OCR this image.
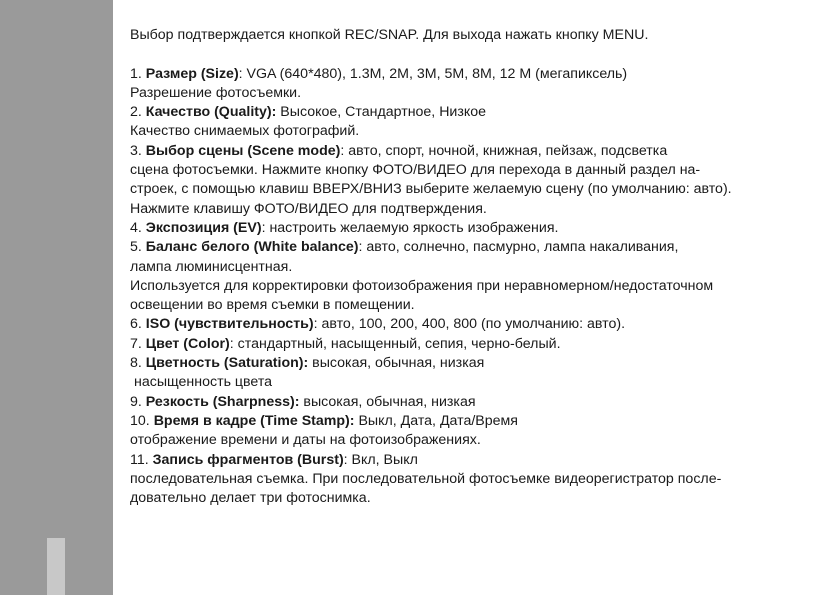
Выбор подтверждается кнопкой REC/SNAP. Для выхода нажать кнопку MENU.
1. Размер (Size): VGA (640*480), 1.3M, 2M, 3M, 5M, 8M, 12 M (мегапиксель)
Разрешение фотосъемки.
2. Качество (Quality): Высокое, Стандартное, Низкое
Качество снимаемых фотографий.
3. Выбор сцены (Scene mode): авто, спорт, ночной, книжная, пейзаж, подсветка
сцена фотосъемки. Нажмите кнопку ФОТО/ВИДЕО для перехода в данный раздел на-
строек, с помощью клавиш ВВЕРХ/ВНИЗ выберите желаемую сцену (по умолчанию: авто).
Нажмите клавишу ФОТО/ВИДЕО для подтверждения.
4. Экспозиция (EV): настроить желаемую яркость изображения.
5. Баланс белого (White balance): авто, солнечно, пасмурно, лампа накаливания,
лампа люминисцентная.
Используется для корректировки фотоизображения при неравномерном/недостаточном
освещении во время съемки в помещении.
6. ISO (чувствительность): авто, 100, 200, 400, 800 (по умолчанию: авто).
7. Цвет (Color): стандартный, насыщенный, сепия, черно-белый.
8. Цветность (Saturation): высокая, обычная, низкая
насыщенность цвета
9. Резкость (Sharpness): высокая, обычная, низкая
10. Время в кадре (Time Stamp): Выкл, Дата, Дата/Время
отображение времени и даты на фотоизображениях.
11. Запись фрагментов (Burst): Вкл, Выкл
последовательная съемка. При последовательной фотосъемке видеорегистратор после-
довательно делает три фотоснимка.
